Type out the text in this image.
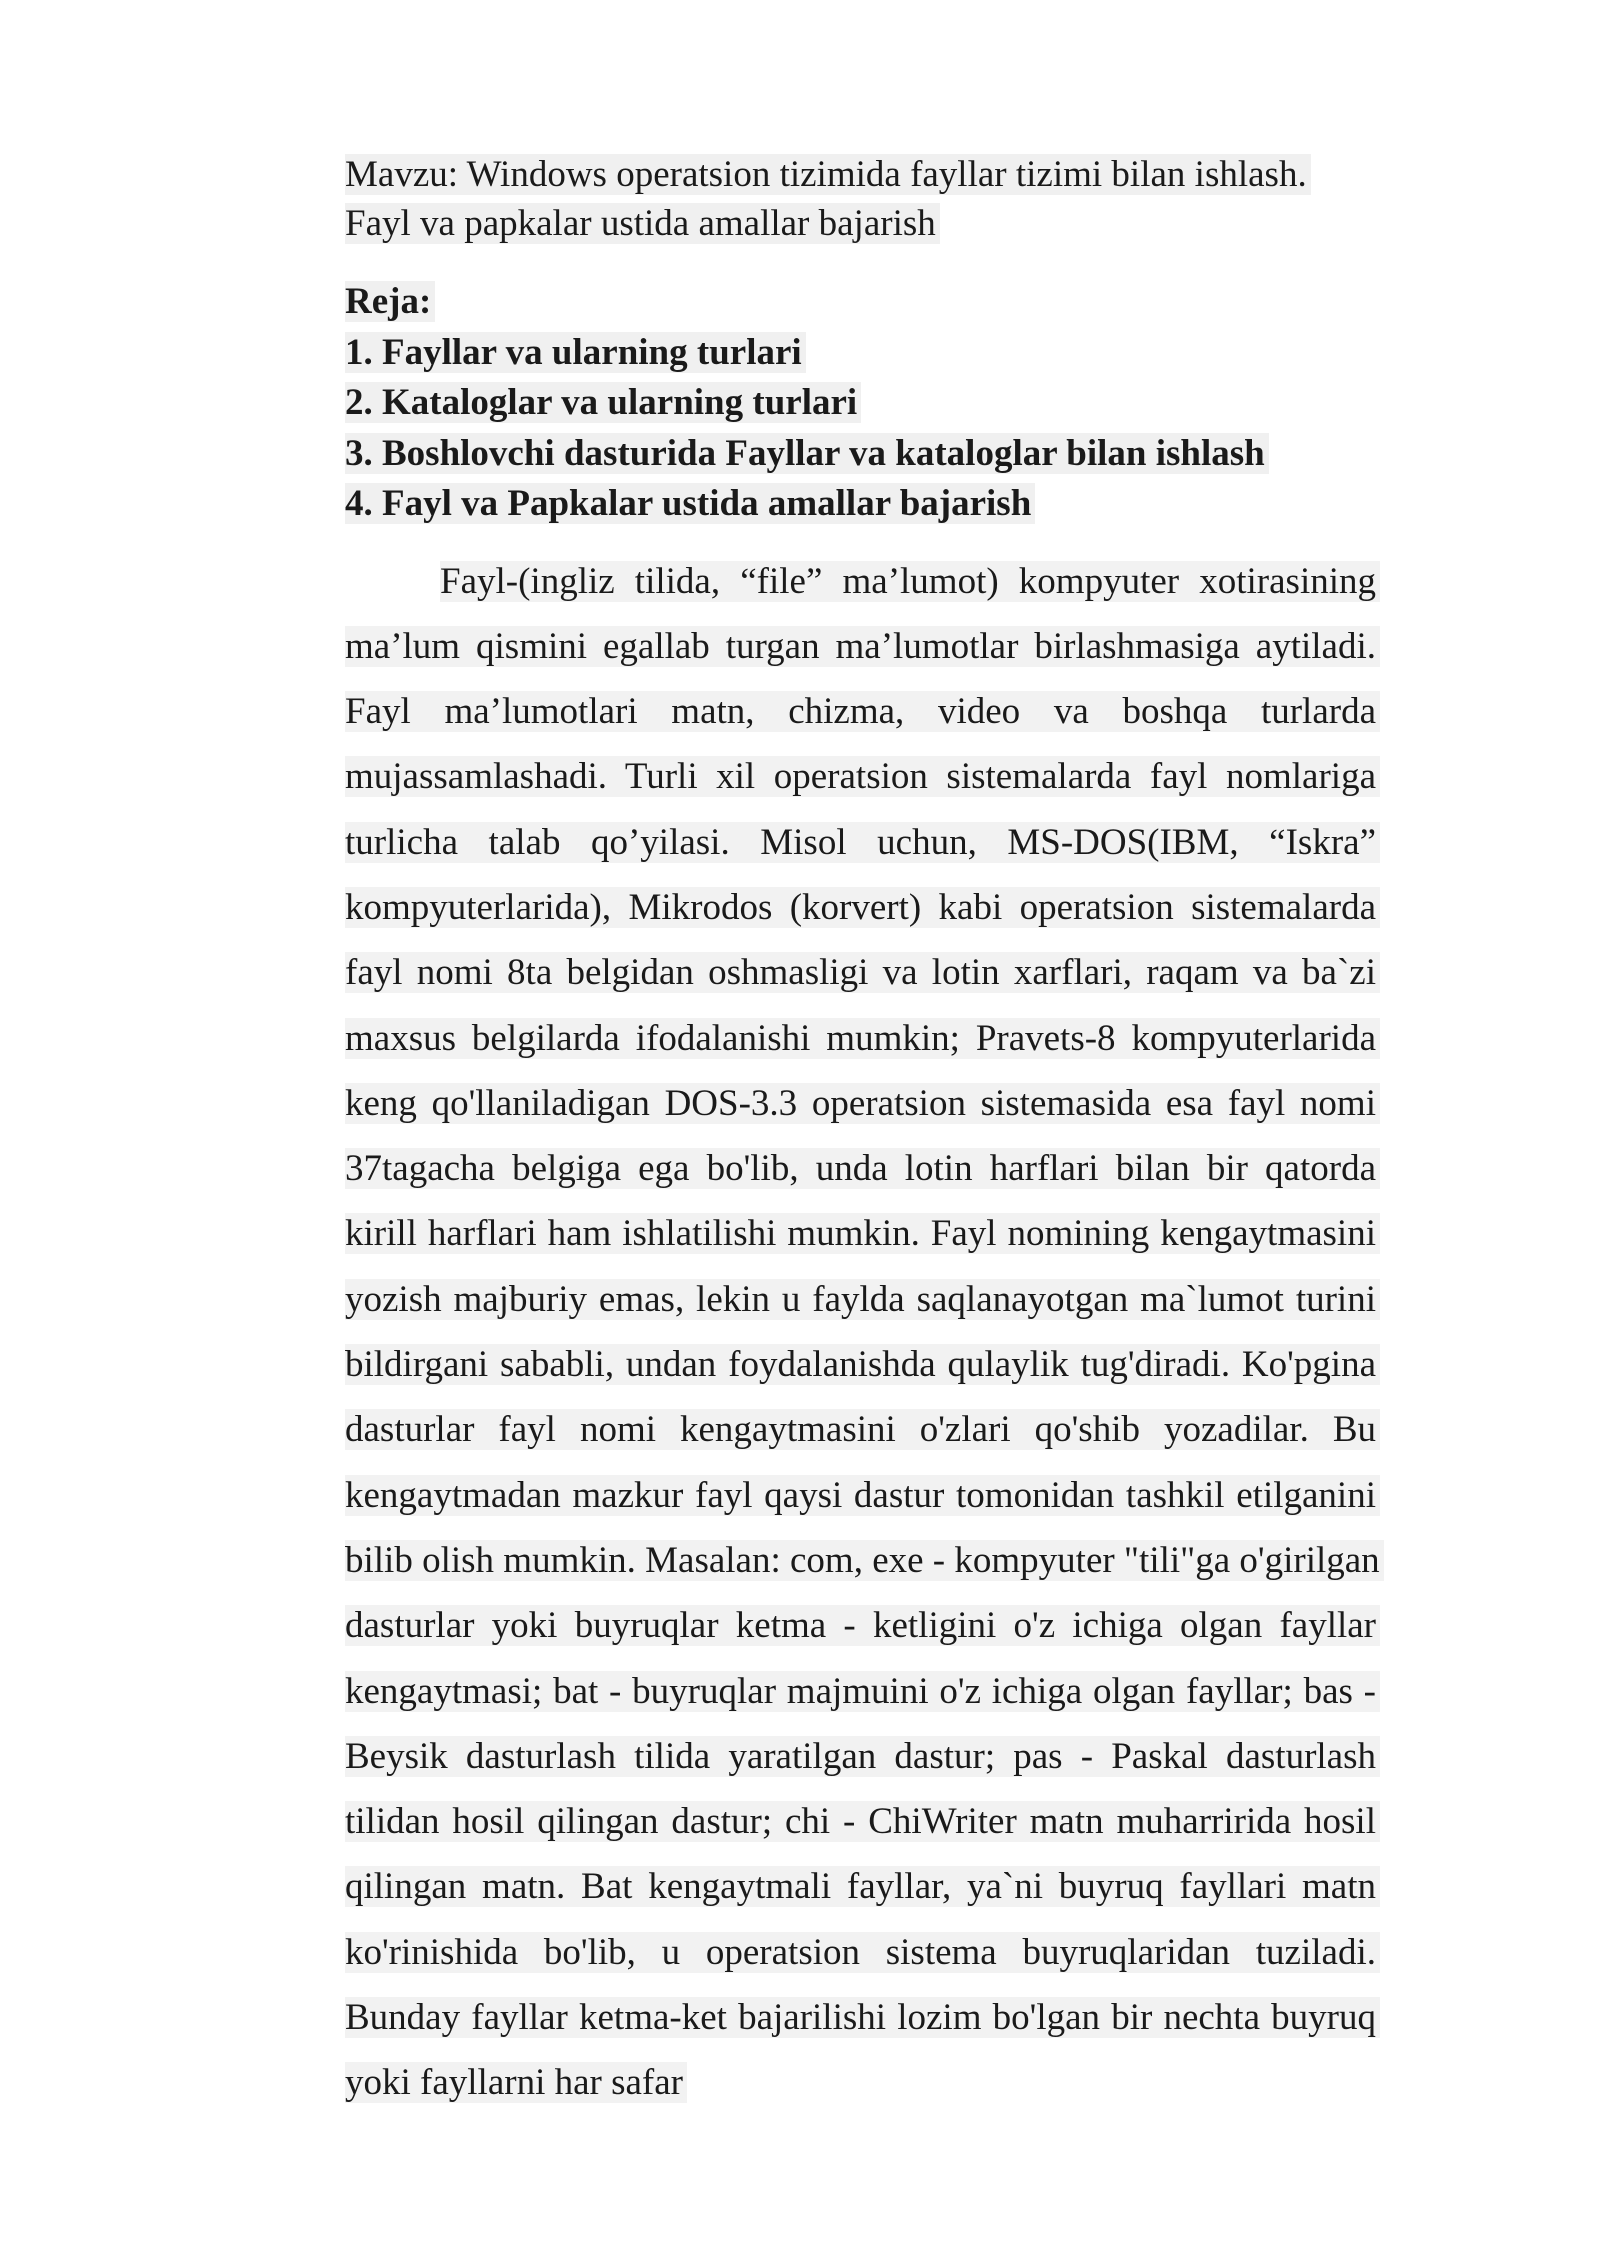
Mavzu: Windows operatsion tizimida fayllar tizimi bilan ishlash.

Fayl va papkalar ustida amallar bajarish

Reja:
1. Fayllar va ularning turlari
2. Kataloglar va ularning turlari
3. Boshlovchi dasturida Fayllar va kataloglar bilan ishlash
4. Fayl va Papkalar ustida amallar bajarish

Fayl-(ingliz tilida, “file” ma’lumot) kompyuter xotirasining ma’lum qismini egallab turgan ma’lumotlar birlashmasiga aytiladi. Fayl ma’lumotlari matn, chizma, video va boshqa turlarda mujassamlashadi. Turli xil operatsion sistemalarda fayl nomlariga turlicha talab qo’yilasi. Misol uchun, MS-DOS(IBM, “Iskra” kompyuterlarida), Mikrodos (korvert) kabi operatsion sistemalarda fayl nomi 8ta belgidan oshmasligi va lotin xarflari, raqam va ba`zi maxsus belgilarda ifodalanishi mumkin; Pravets-8 kompyuterlarida keng qo'llaniladigan DOS-3.3 operatsion sistemasida esa fayl nomi 37tagacha belgiga ega bo'lib, unda lotin harflari bilan bir qatorda kirill harflari ham ishlatilishi mumkin. Fayl nomining kengaytmasini yozish majburiy emas, lekin u faylda saqlanayotgan ma`lumot turini bildirgani sababli, undan foydalanishda qulaylik tug'diradi. Ko'pgina dasturlar fayl nomi kengaytmasini o'zlari qo'shib yozadilar. Bu kengaytmadan mazkur fayl qaysi dastur tomonidan tashkil etilganini bilib olish mumkin. Masalan: com, exe - kompyuter "tili"ga o'girilgan dasturlar yoki buyruqlar ketma - ketligini o'z ichiga olgan fayllar kengaytmasi; bat - buyruqlar majmuini o'z ichiga olgan fayllar; bas - Beysik dasturlash tilida yaratilgan dastur; pas - Paskal dasturlash tilidan hosil qilingan dastur; chi - ChiWriter matn muharririda hosil qilingan matn. Bat kengaytmali fayllar, ya`ni buyruq fayllari matn ko'rinishida bo'lib, u operatsion sistema buyruqlaridan tuziladi. Bunday fayllar ketma-ket bajarilishi lozim bo'lgan bir nechta buyruq yoki fayllarni har safar
